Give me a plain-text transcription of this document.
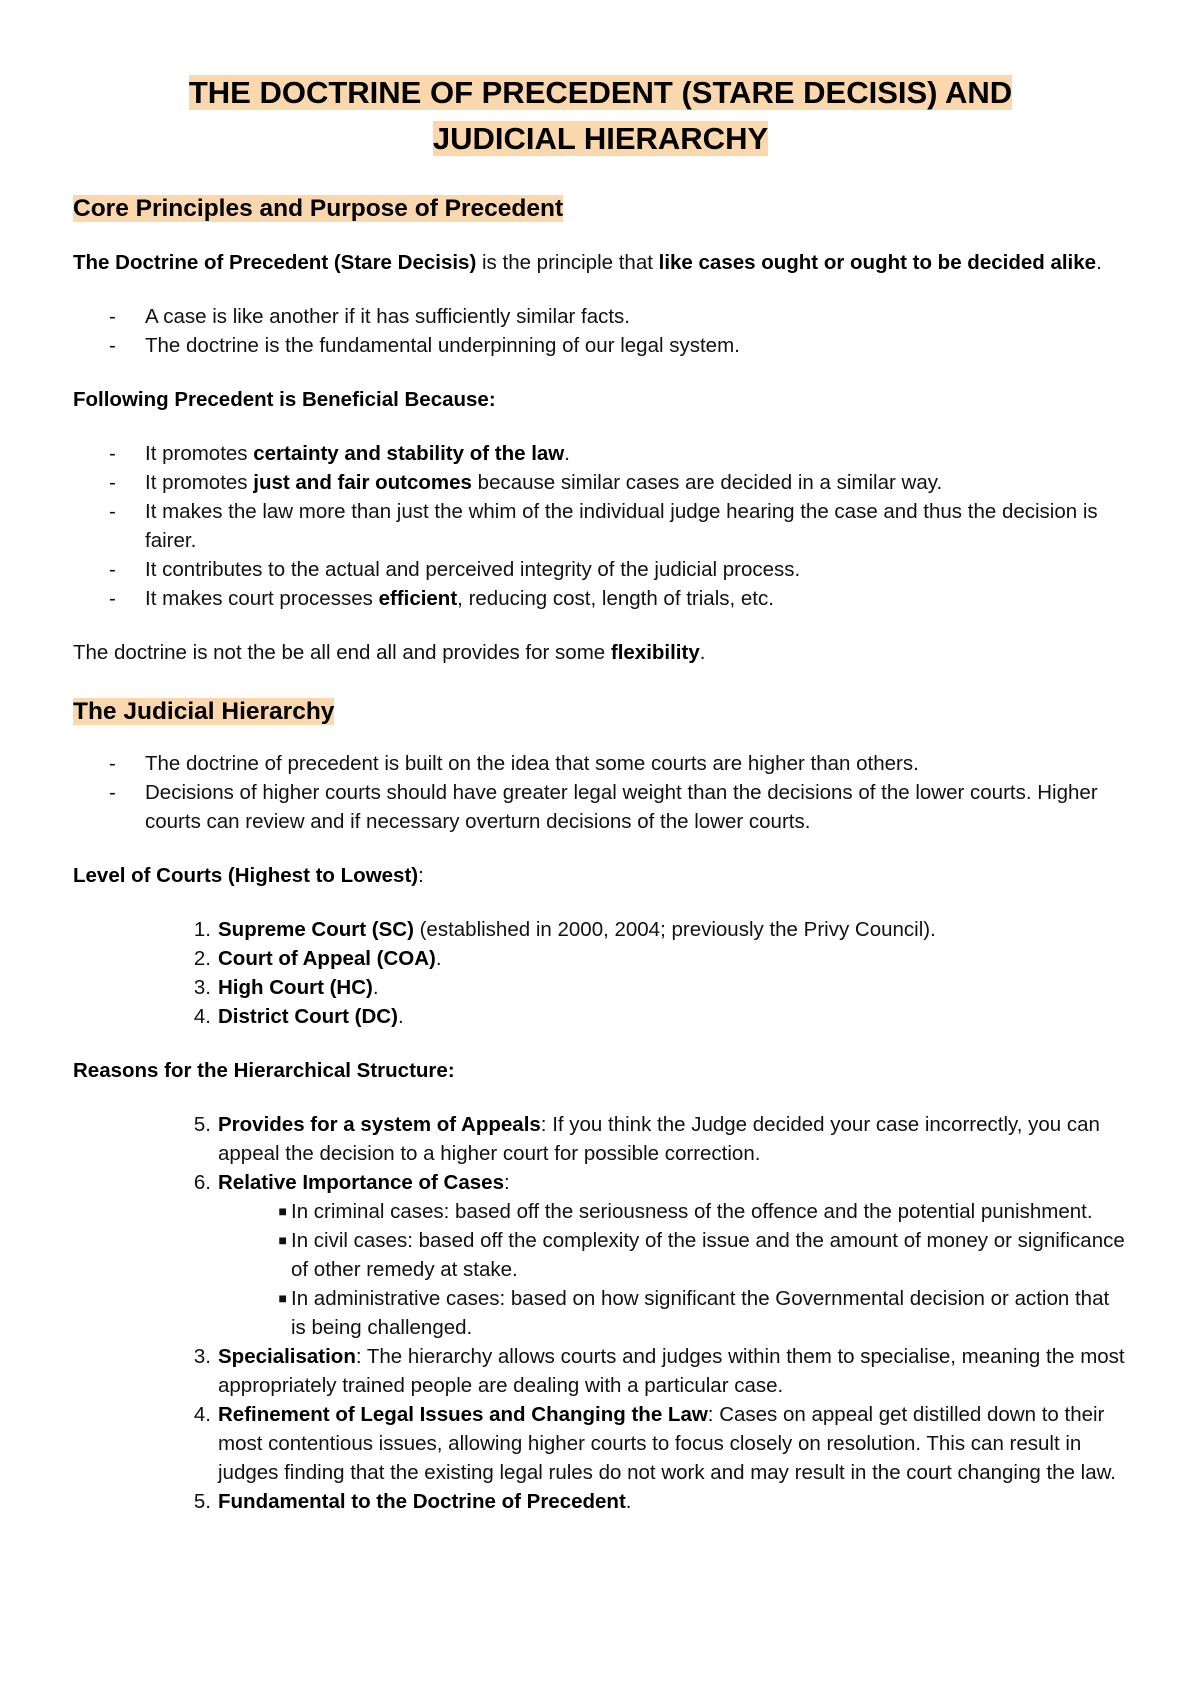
THE DOCTRINE OF PRECEDENT (STARE DECISIS) AND
JUDICIAL HIERARCHY
Core Principles and Purpose of Precedent

The Doctrine of Precedent (Stare Decisis) is the principle that like cases ought or ought to be decided alike.

- A case is like another if it has sufficiently similar facts.
- The doctrine is the fundamental underpinning of our legal system.

Following Precedent is Beneficial Because:

- It promotes certainty and stability of the law.
- It promotes just and fair outcomes because similar cases are decided in a similar way.
- It makes the law more than just the whim of the individual judge hearing the case and thus the decision is fairer.
- It contributes to the actual and perceived integrity of the judicial process.
- It makes court processes efficient, reducing cost, length of trials, etc.

The doctrine is not the be all end all and provides for some flexibility.

The Judicial Hierarchy
- The doctrine of precedent is built on the idea that some courts are higher than others.
- Decisions of higher courts should have greater legal weight than the decisions of the lower courts. Higher courts can review and if necessary overturn decisions of the lower courts.

Level of Courts (Highest to Lowest):

1. Supreme Court (SC) (established in 2000, 2004; previously the Privy Council).
2. Court of Appeal (COA).
3. High Court (HC).
4. District Court (DC).

Reasons for the Hierarchical Structure:

5. Provides for a system of Appeals: If you think the Judge decided your case incorrectly, you can appeal the decision to a higher court for possible correction.
6. Relative Importance of Cases:
■ In criminal cases: based off the seriousness of the offence and the potential punishment.
■ In civil cases: based off the complexity of the issue and the amount of money or significance of other remedy at stake.
■ In administrative cases: based on how significant the Governmental decision or action that is being challenged.
3. Specialisation: The hierarchy allows courts and judges within them to specialise, meaning the most appropriately trained people are dealing with a particular case.
4. Refinement of Legal Issues and Changing the Law: Cases on appeal get distilled down to their most contentious issues, allowing higher courts to focus closely on resolution. This can result in judges finding that the existing legal rules do not work and may result in the court changing the law.
5. Fundamental to the Doctrine of Precedent.
